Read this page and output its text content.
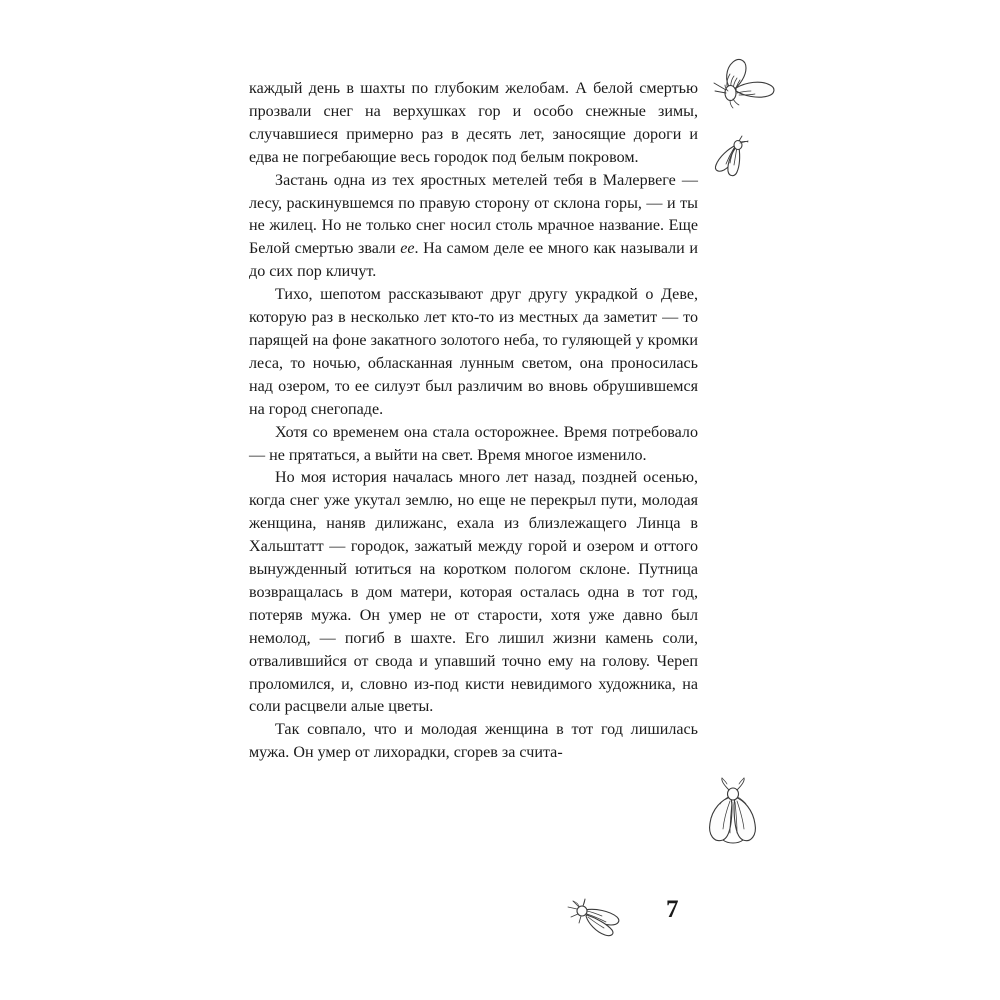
каждый день в шахты по глубоким желобам. А белой смертью прозвали снег на верхушках гор и особо снежные зимы, случавшиеся примерно раз в десять лет, заносящие дороги и едва не погребающие весь городок под белым покровом.

Застань одна из тех яростных метелей тебя в Малервеге — лесу, раскинувшемся по правую сторону от склона горы, — и ты не жилец. Но не только снег носил столь мрачное название. Еще Белой смертью звали ее. На самом деле ее много как называли и до сих пор кличут.

Тихо, шепотом рассказывают друг другу украдкой о Деве, которую раз в несколько лет кто-то из местных да заметит — то парящей на фоне закатного золотого неба, то гуляющей у кромки леса, то ночью, обласканная лунным светом, она проносилась над озером, то ее силуэт был различим во вновь обрушившемся на город снегопаде.

Хотя со временем она стала осторожнее. Время потребовало — не прятаться, а выйти на свет. Время многое изменило.

Но моя история началась много лет назад, поздней осенью, когда снег уже укутал землю, но еще не перекрыл пути, молодая женщина, наняв дилижанс, ехала из близлежащего Линца в Хальштатт — городок, зажатый между горой и озером и оттого вынужденный ютиться на коротком пологом склоне. Путница возвращалась в дом матери, которая осталась одна в тот год, потеряв мужа. Он умер не от старости, хотя уже давно был немолод, — погиб в шахте. Его лишил жизни камень соли, отвалившийся от свода и упавший точно ему на голову. Череп проломился, и, словно из-под кисти невидимого художника, на соли расцвели алые цветы.

Так совпало, что и молодая женщина в тот год лишилась мужа. Он умер от лихорадки, сгорев за счита-

7
